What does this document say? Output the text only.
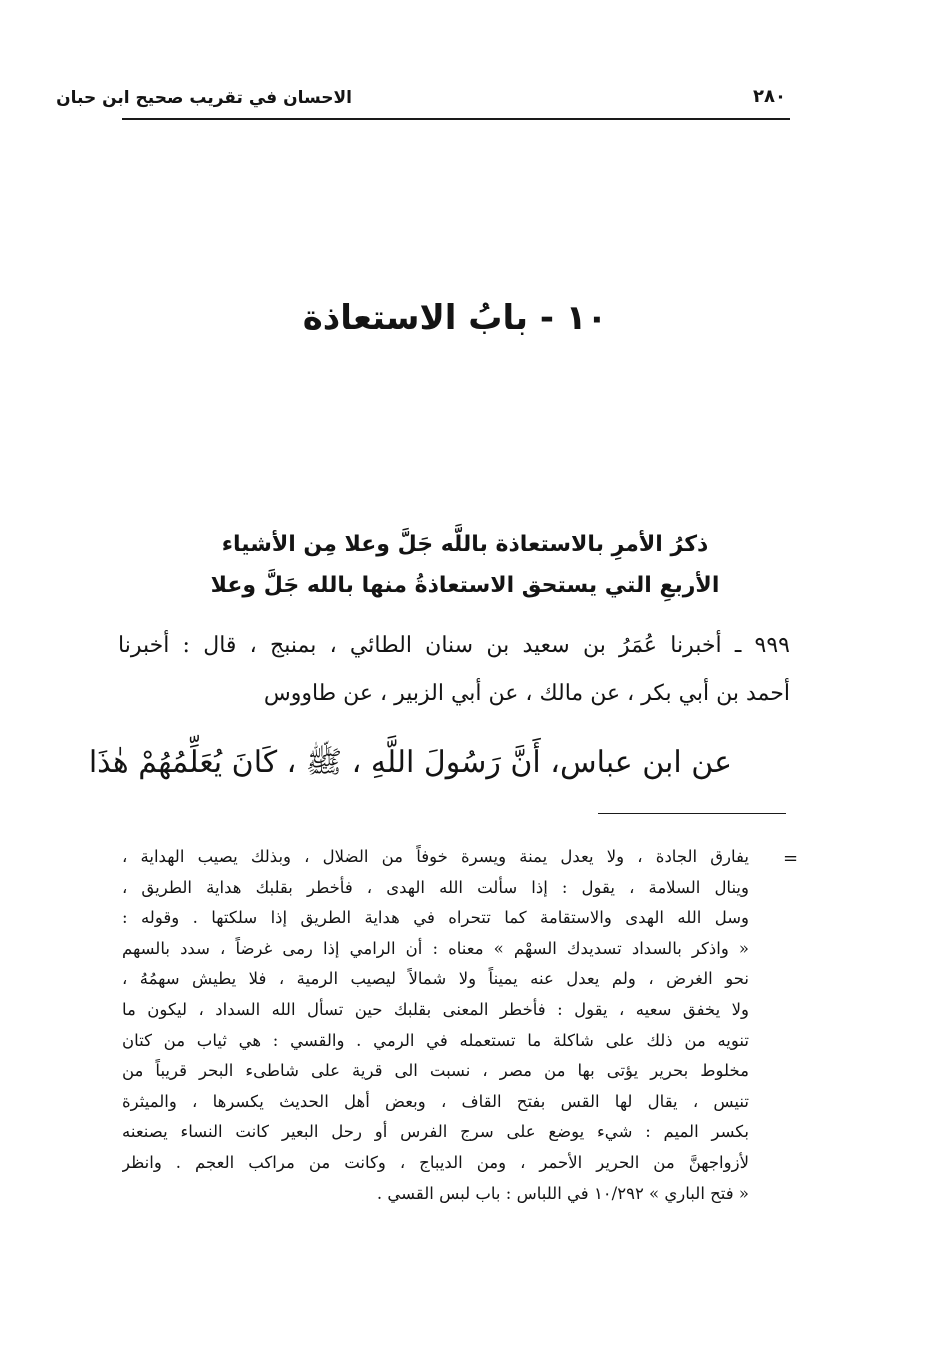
الاحسان في تقريب صحيح ابن حبان	٢٨٠
١٠ - بابُ الاستعاذة
ذكرُ الأمرِ بالاستعاذة باللَّه جَلَّ وعلا مِن الأشياء
الأربعِ التي يستحق الاستعاذةُ منها بالله جَلَّ وعلا
٩٩٩ ـ أخبرنا عُمَرُ بن سعيد بن سنان الطائي ، بمنبج ، قال : أخبرنا
أحمد بن أبي بكر ، عن مالك ، عن أبي الزبير ، عن طاووس
عن ابن عباس، أَنَّ رَسُولَ اللَّهِ ، ﷺ ، كَانَ يُعَلِّمُهُمْ هٰذَا
=
يفارق الجادة ، ولا يعدل يمنة ويسرة خوفاً من الضلال ، وبذلك يصيب الهداية ،
وينال السلامة ، يقول : إذا سألت الله الهدى ، فأخطر بقلبك هداية الطريق ،
وسل الله الهدى والاستقامة كما تتحراه في هداية الطريق إذا سلكتها . وقوله :
« واذكر بالسداد تسديدك السهْم » معناه : أن الرامي إذا رمى غرضاً ، سدد بالسهم
نحو الغرض ، ولم يعدل عنه يميناً ولا شمالاً ليصيب الرمية ، فلا يطيش سهمُهُ ،
ولا يخفق سعيه ، يقول : فأخطر المعنى بقلبك حين تسأل الله السداد ، ليكون ما
تنويه من ذلك على شاكلة ما تستعمله في الرمي . والقسي : هي ثياب من كتان
مخلوط بحرير يؤتى بها من مصر ، نسبت الى قرية على شاطىء البحر قريباً من
تنيس ، يقال لها القس بفتح القاف ، وبعض أهل الحديث يكسرها ، والميثرة
بكسر الميم : شيء يوضع على سرج الفرس أو رحل البعير كانت النساء يصنعنه
لأزواجهنَّ من الحرير الأحمر ، ومن الديباج ، وكانت من مراكب العجم . وانظر
« فتح الباري » ١٠/٢٩٢ في اللباس : باب لبس القسي .
